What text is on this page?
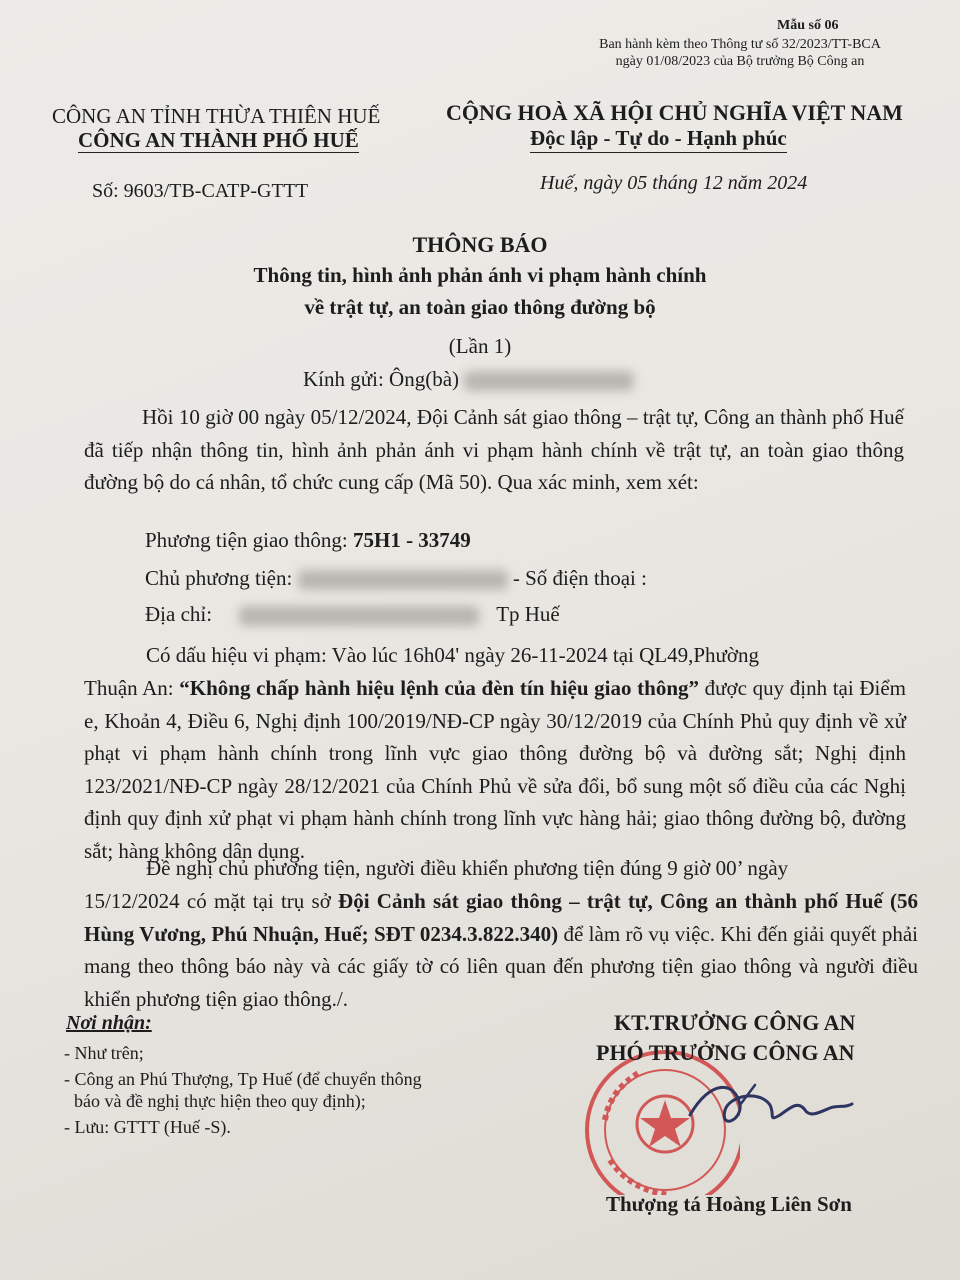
Mẫu số 06
Ban hành kèm theo Thông tư số 32/2023/TT-BCA
ngày 01/08/2023 của Bộ trưởng Bộ Công an
CÔNG AN TỈNH THỪA THIÊN HUẾ
CÔNG AN THÀNH PHỐ HUẾ
CỘNG HOÀ XÃ HỘI CHỦ NGHĨA VIỆT NAM
Độc lập - Tự do - Hạnh phúc
Số: 9603/TB-CATP-GTTT	Huế, ngày 05 tháng 12 năm 2024
THÔNG BÁO
Thông tin, hình ảnh phản ánh vi phạm hành chính
về trật tự, an toàn giao thông đường bộ
(Lần 1)
Kính gửi: Ông(bà)
Hồi 10 giờ 00 ngày 05/12/2024, Đội Cảnh sát giao thông – trật tự, Công an thành phố Huế đã tiếp nhận thông tin, hình ảnh phản ánh vi phạm hành chính về trật tự, an toàn giao thông đường bộ do cá nhân, tổ chức cung cấp (Mã 50). Qua xác minh, xem xét:
Phương tiện giao thông: 75H1 - 33749
Chủ phương tiện:	- Số điện thoại :
Địa chỉ:	Tp Huế
Có dấu hiệu vi phạm: Vào lúc 16h04' ngày 26-11-2024 tại QL49,Phường
Thuận An: “Không chấp hành hiệu lệnh của đèn tín hiệu giao thông” được quy định tại Điểm e, Khoản 4, Điều 6, Nghị định 100/2019/NĐ-CP ngày 30/12/2019 của Chính Phủ quy định về xử phạt vi phạm hành chính trong lĩnh vực giao thông đường bộ và đường sắt; Nghị định 123/2021/NĐ-CP ngày 28/12/2021 của Chính Phủ về sửa đổi, bổ sung một số điều của các Nghị định quy định xử phạt vi phạm hành chính trong lĩnh vực hàng hải; giao thông đường bộ, đường sắt; hàng không dân dụng.
Đề nghị chủ phương tiện, người điều khiển phương tiện đúng 9 giờ 00’ ngày
15/12/2024 có mặt tại trụ sở Đội Cảnh sát giao thông – trật tự, Công an thành phố Huế (56 Hùng Vương, Phú Nhuận, Huế; SĐT 0234.3.822.340) để làm rõ vụ việc. Khi đến giải quyết phải mang theo thông báo này và các giấy tờ có liên quan đến phương tiện giao thông và người điều khiển phương tiện giao thông./.
Nơi nhận:
- Như trên;
- Công an Phú Thượng, Tp Huế (để chuyển thông
báo và đề nghị thực hiện theo quy định);
- Lưu: GTTT (Huế -S).
KT.TRƯỞNG CÔNG AN
PHÓ TRƯỞNG CÔNG AN
Thượng tá Hoàng Liên Sơn
